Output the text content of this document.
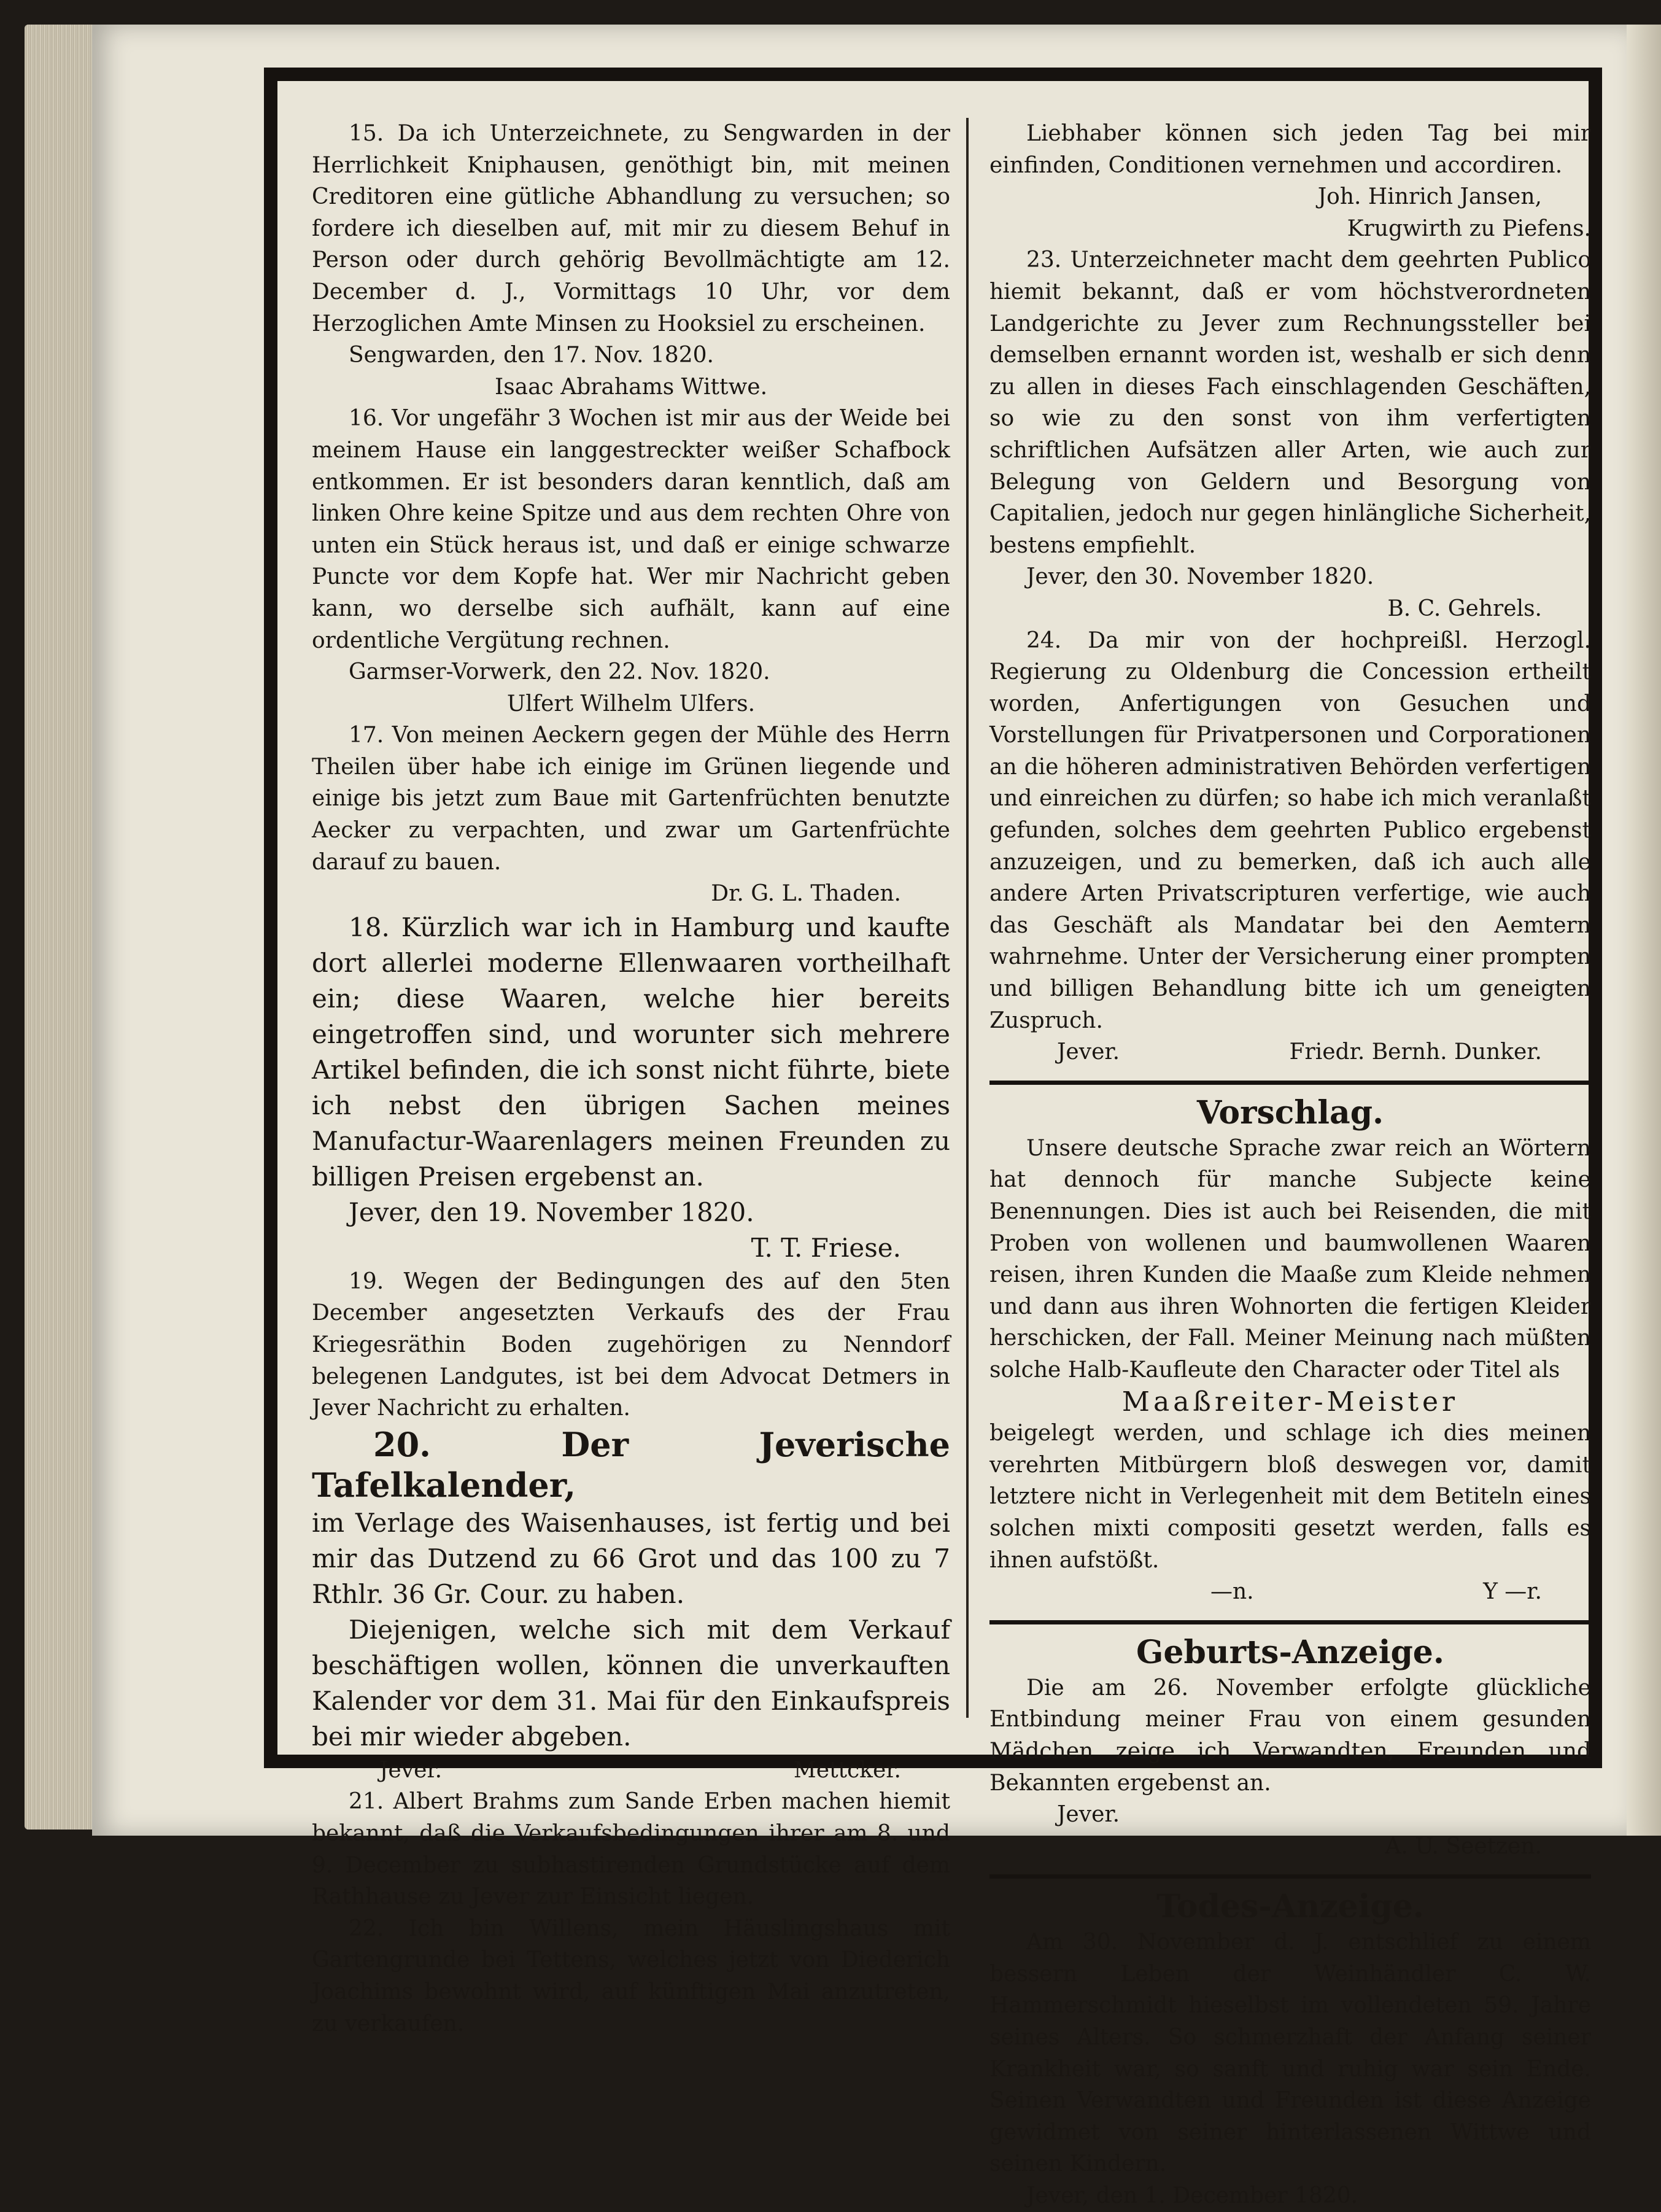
15. Da ich Unterzeichnete, zu Sengwarden in der Herrlichkeit Kniphausen, genöthigt bin, mit meinen Creditoren eine gütliche Abhandlung zu versuchen; so fordere ich dieselben auf, mit mir zu diesem Behuf in Person oder durch gehörig Bevollmächtigte am 12. December d. J., Vormittags 10 Uhr, vor dem Herzoglichen Amte Minsen zu Hooksiel zu erscheinen.

Sengwarden, den 17. Nov. 1820.

Isaac Abrahams Wittwe.

16. Vor ungefähr 3 Wochen ist mir aus der Weide bei meinem Hause ein langgestreckter weißer Schafbock entkommen. Er ist besonders daran kenntlich, daß am linken Ohre keine Spitze und aus dem rechten Ohre von unten ein Stück heraus ist, und daß er einige schwarze Puncte vor dem Kopfe hat. Wer mir Nachricht geben kann, wo derselbe sich aufhält, kann auf eine ordentliche Vergütung rechnen.

Garmser-Vorwerk, den 22. Nov. 1820.

Ulfert Wilhelm Ulfers.

17. Von meinen Aeckern gegen der Mühle des Herrn Theilen über habe ich einige im Grünen liegende und einige bis jetzt zum Baue mit Gartenfrüchten benutzte Aecker zu verpachten, und zwar um Gartenfrüchte darauf zu bauen.

Dr. G. L. Thaden.

18. Kürzlich war ich in Hamburg und kaufte dort allerlei moderne Ellenwaaren vortheilhaft ein; diese Waaren, welche hier bereits eingetroffen sind, und worunter sich mehrere Artikel befinden, die ich sonst nicht führte, biete ich nebst den übrigen Sachen meines Manufactur-Waarenlagers meinen Freunden zu billigen Preisen ergebenst an.

Jever, den 19. November 1820.

T. T. Friese.

19. Wegen der Bedingungen des auf den 5ten December angesetzten Verkaufs des der Frau Kriegesräthin Boden zugehörigen zu Nenndorf belegenen Landgutes, ist bei dem Advocat Detmers in Jever Nachricht zu erhalten.

20. Der Jeverische Tafelkalender,

im Verlage des Waisenhauses, ist fertig und bei mir das Dutzend zu 66 Grot und das 100 zu 7 Rthlr. 36 Gr. Cour. zu haben.

Diejenigen, welche sich mit dem Verkauf beschäftigen wollen, können die unverkauften Kalender vor dem 31. Mai für den Einkaufspreis bei mir wieder abgeben.

Jever.	Mettcker.

21. Albert Brahms zum Sande Erben machen hiemit bekannt, daß die Verkaufsbedingungen ihrer am 8. und 9. December zu subhastirenden Grundstücke auf dem Rathhause zu Jever zur Einsicht liegen.

22. Ich bin Willens, mein Häuslingshaus mit Gartengrunde bei Tettens, welches jetzt von Diederich Joachims bewohnt wird, auf künftigen Mai anzutreten, zu verkaufen.

Liebhaber können sich jeden Tag bei mir einfinden, Conditionen vernehmen und accordiren.

Joh. Hinrich Jansen,

Krugwirth zu Piefens.

23. Unterzeichneter macht dem geehrten Publico hiemit bekannt, daß er vom höchstverordneten Landgerichte zu Jever zum Rechnungssteller bei demselben ernannt worden ist, weshalb er sich denn zu allen in dieses Fach einschlagenden Geschäften, so wie zu den sonst von ihm verfertigten schriftlichen Aufsätzen aller Arten, wie auch zur Belegung von Geldern und Besorgung von Capitalien, jedoch nur gegen hinlängliche Sicherheit, bestens empfiehlt.

Jever, den 30. November 1820.

B. C. Gehrels.

24. Da mir von der hochpreißl. Herzogl. Regierung zu Oldenburg die Concession ertheilt worden, Anfertigungen von Gesuchen und Vorstellungen für Privatpersonen und Corporationen an die höheren administrativen Behörden verfertigen und einreichen zu dürfen; so habe ich mich veranlaßt gefunden, solches dem geehrten Publico ergebenst anzuzeigen, und zu bemerken, daß ich auch alle andere Arten Privatscripturen verfertige, wie auch das Geschäft als Mandatar bei den Aemtern wahrnehme. Unter der Versicherung einer prompten und billigen Behandlung bitte ich um geneigten Zuspruch.

Jever.	Friedr. Bernh. Dunker.

Vorschlag.

Unsere deutsche Sprache zwar reich an Wörtern hat dennoch für manche Subjecte keine Benennungen. Dies ist auch bei Reisenden, die mit Proben von wollenen und baumwollenen Waaren reisen, ihren Kunden die Maaße zum Kleide nehmen und dann aus ihren Wohnorten die fertigen Kleider herschicken, der Fall. Meiner Meinung nach müßten solche Halb-Kaufleute den Character oder Titel als

Maaßreiter-Meister

beigelegt werden, und schlage ich dies meinen verehrten Mitbürgern bloß deswegen vor, damit letztere nicht in Verlegenheit mit dem Betiteln eines solchen mixti compositi gesetzt werden, falls es ihnen aufstößt.

—n.	Y —r.

Geburts-Anzeige.

Die am 26. November erfolgte glückliche Entbindung meiner Frau von einem gesunden Mädchen zeige ich Verwandten, Freunden und Bekannten ergebenst an.

Jever.

A. U. Seetzen.

Todes-Anzeige.

Am 30. November d. J. entschlief zu einem bessern Leben der Weinhändler C. W. Hammerschmidt hieselbst im vollendeten 59. Jahre seines Alters. So schmerzhaft der Anfang seiner Krankheit war, so sanft und ruhig war sein Ende. Seinen Verwandten und Freunden ist diese Anzeige gewidmet von seiner hinterlassenen Wittwe und seinen Kindern.

Jever, den 1. December 1820.
